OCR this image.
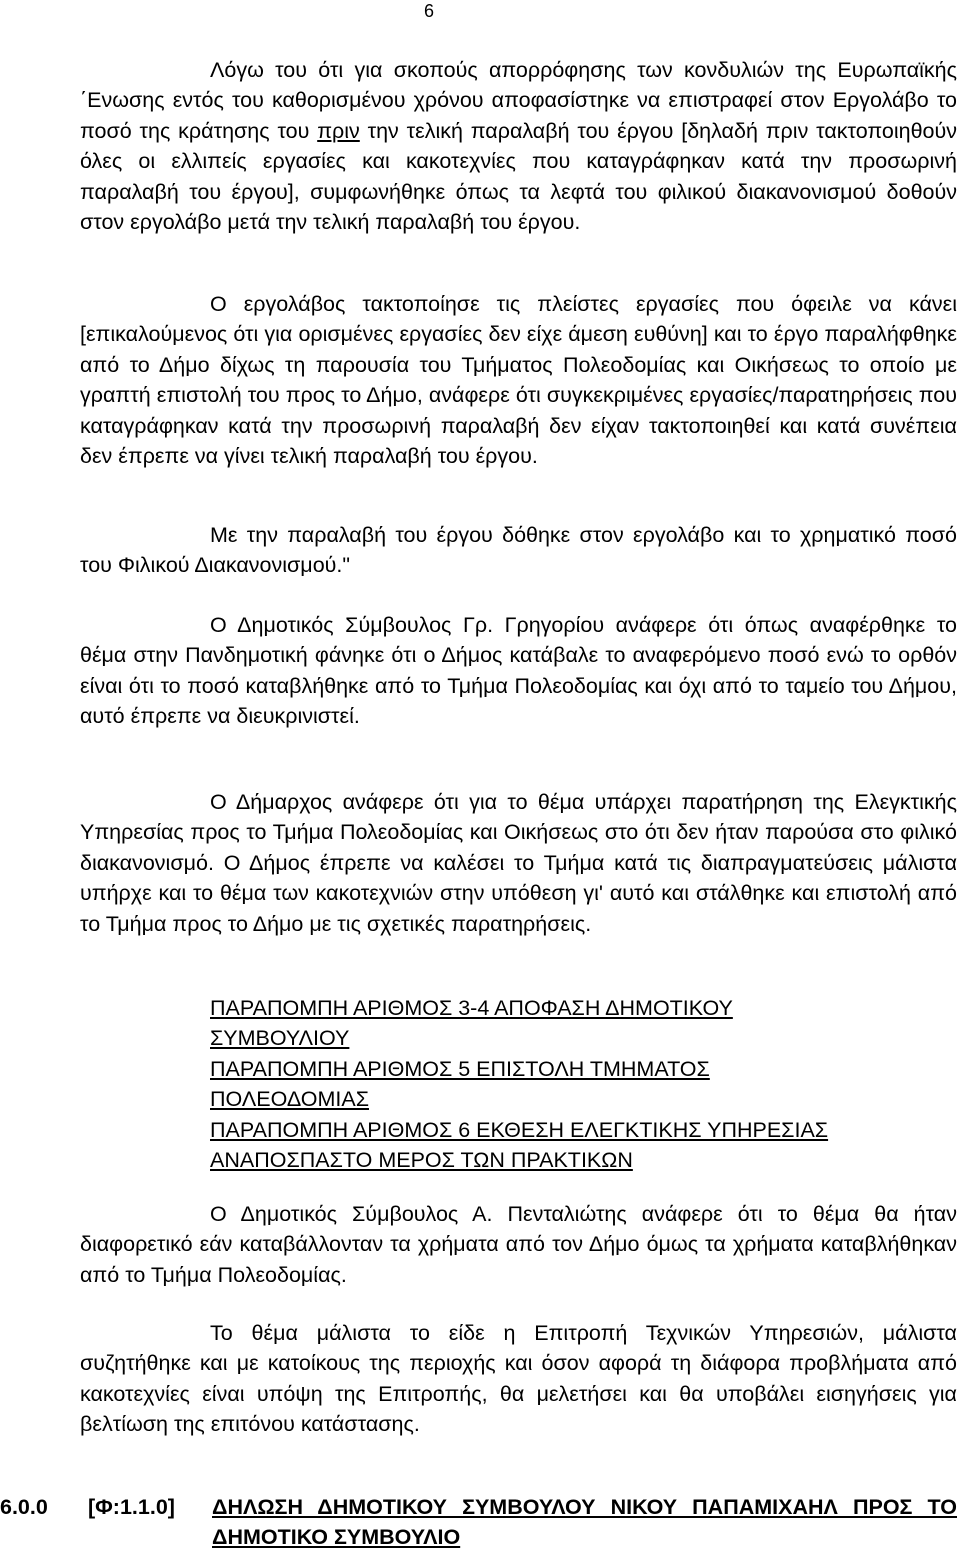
6

Λόγω του ότι για σκοπούς απορρόφησης των κονδυλιών της Ευρωπαϊκής ΄Ενωσης εντός του καθορισμένου χρόνου αποφασίστηκε να επιστραφεί στον Εργολάβο το ποσό της κράτησης του πριν την τελική παραλαβή του έργου [δηλαδή πριν τακτοποιηθούν όλες οι ελλιπείς εργασίες και κακοτεχνίες που καταγράφηκαν κατά την προσωρινή παραλαβή του έργου], συμφωνήθηκε όπως τα λεφτά του φιλικού διακανονισμού δοθούν στον εργολάβο μετά την τελική παραλαβή του έργου.

Ο εργολάβος τακτοποίησε τις πλείστες εργασίες που όφειλε να κάνει [επικαλούμενος ότι για ορισμένες εργασίες δεν είχε άμεση ευθύνη] και το έργο παραλήφθηκε από το Δήμο δίχως τη παρουσία του Τμήματος Πολεοδομίας και Οικήσεως το οποίο με γραπτή επιστολή του προς το Δήμο, ανάφερε ότι συγκεκριμένες εργασίες/παρατηρήσεις που καταγράφηκαν κατά την προσωρινή παραλαβή δεν είχαν τακτοποιηθεί και κατά συνέπεια δεν έπρεπε να γίνει τελική παραλαβή του έργου.

Με την παραλαβή του έργου δόθηκε στον εργολάβο και το χρηματικό ποσό του Φιλικού Διακανονισμού."

Ο Δημοτικός Σύμβουλος Γρ. Γρηγορίου ανάφερε ότι όπως αναφέρθηκε το θέμα στην Πανδημοτική φάνηκε ότι ο Δήμος κατάβαλε το αναφερόμενο ποσό ενώ το ορθόν είναι ότι το ποσό καταβλήθηκε από το Τμήμα Πολεοδομίας και όχι από το ταμείο του Δήμου, αυτό έπρεπε να διευκρινιστεί.

Ο Δήμαρχος ανάφερε ότι για το θέμα υπάρχει παρατήρηση της Ελεγκτικής Υπηρεσίας προς το Τμήμα Πολεοδομίας και Οικήσεως στο ότι δεν ήταν παρούσα στο φιλικό διακανονισμό. Ο Δήμος έπρεπε να καλέσει το Τμήμα κατά τις διαπραγματεύσεις μάλιστα υπήρχε και το θέμα των κακοτεχνιών στην υπόθεση γι' αυτό και στάλθηκε και επιστολή από το Τμήμα προς το Δήμο με τις σχετικές παρατηρήσεις.

ΠΑΡΑΠΟΜΠΗ ΑΡΙΘΜΟΣ 3-4 ΑΠΟΦΑΣΗ ΔΗΜΟΤΙΚΟΥ
ΣΥΜΒΟΥΛΙΟΥ
ΠΑΡΑΠΟΜΠΗ ΑΡΙΘΜΟΣ 5 ΕΠΙΣΤΟΛΗ ΤΜΗΜΑΤΟΣ
ΠΟΛΕΟΔΟΜΙΑΣ
ΠΑΡΑΠΟΜΠΗ ΑΡΙΘΜΟΣ 6 ΕΚΘΕΣΗ ΕΛΕΓΚΤΙΚΗΣ ΥΠΗΡΕΣΙΑΣ
ΑΝΑΠΟΣΠΑΣΤΟ ΜΕΡΟΣ ΤΩΝ ΠΡΑΚΤΙΚΩΝ

Ο Δημοτικός Σύμβουλος Α. Πενταλιώτης ανάφερε ότι το θέμα θα ήταν διαφορετικό εάν καταβάλλονταν τα χρήματα από τον Δήμο όμως τα χρήματα καταβλήθηκαν από το Τμήμα Πολεοδομίας.

Το θέμα μάλιστα το είδε η Επιτροπή Τεχνικών Υπηρεσιών, μάλιστα συζητήθηκε και με κατοίκους της περιοχής και όσον αφορά τη διάφορα προβλήματα από κακοτεχνίες είναι υπόψη της Επιτροπής, θα μελετήσει και θα υποβάλει εισηγήσεις για βελτίωση της επιτόνου κατάστασης.

6.0.0 [Φ:1.1.0] ΔΗΛΩΣΗ ΔΗΜΟΤΙΚΟΥ ΣΥΜΒΟΥΛΟΥ ΝΙΚΟΥ ΠΑΠΑΜΙΧΑΗΛ ΠΡΟΣ ΤΟ ΔΗΜΟΤΙΚΟ ΣΥΜΒΟΥΛΙΟ
